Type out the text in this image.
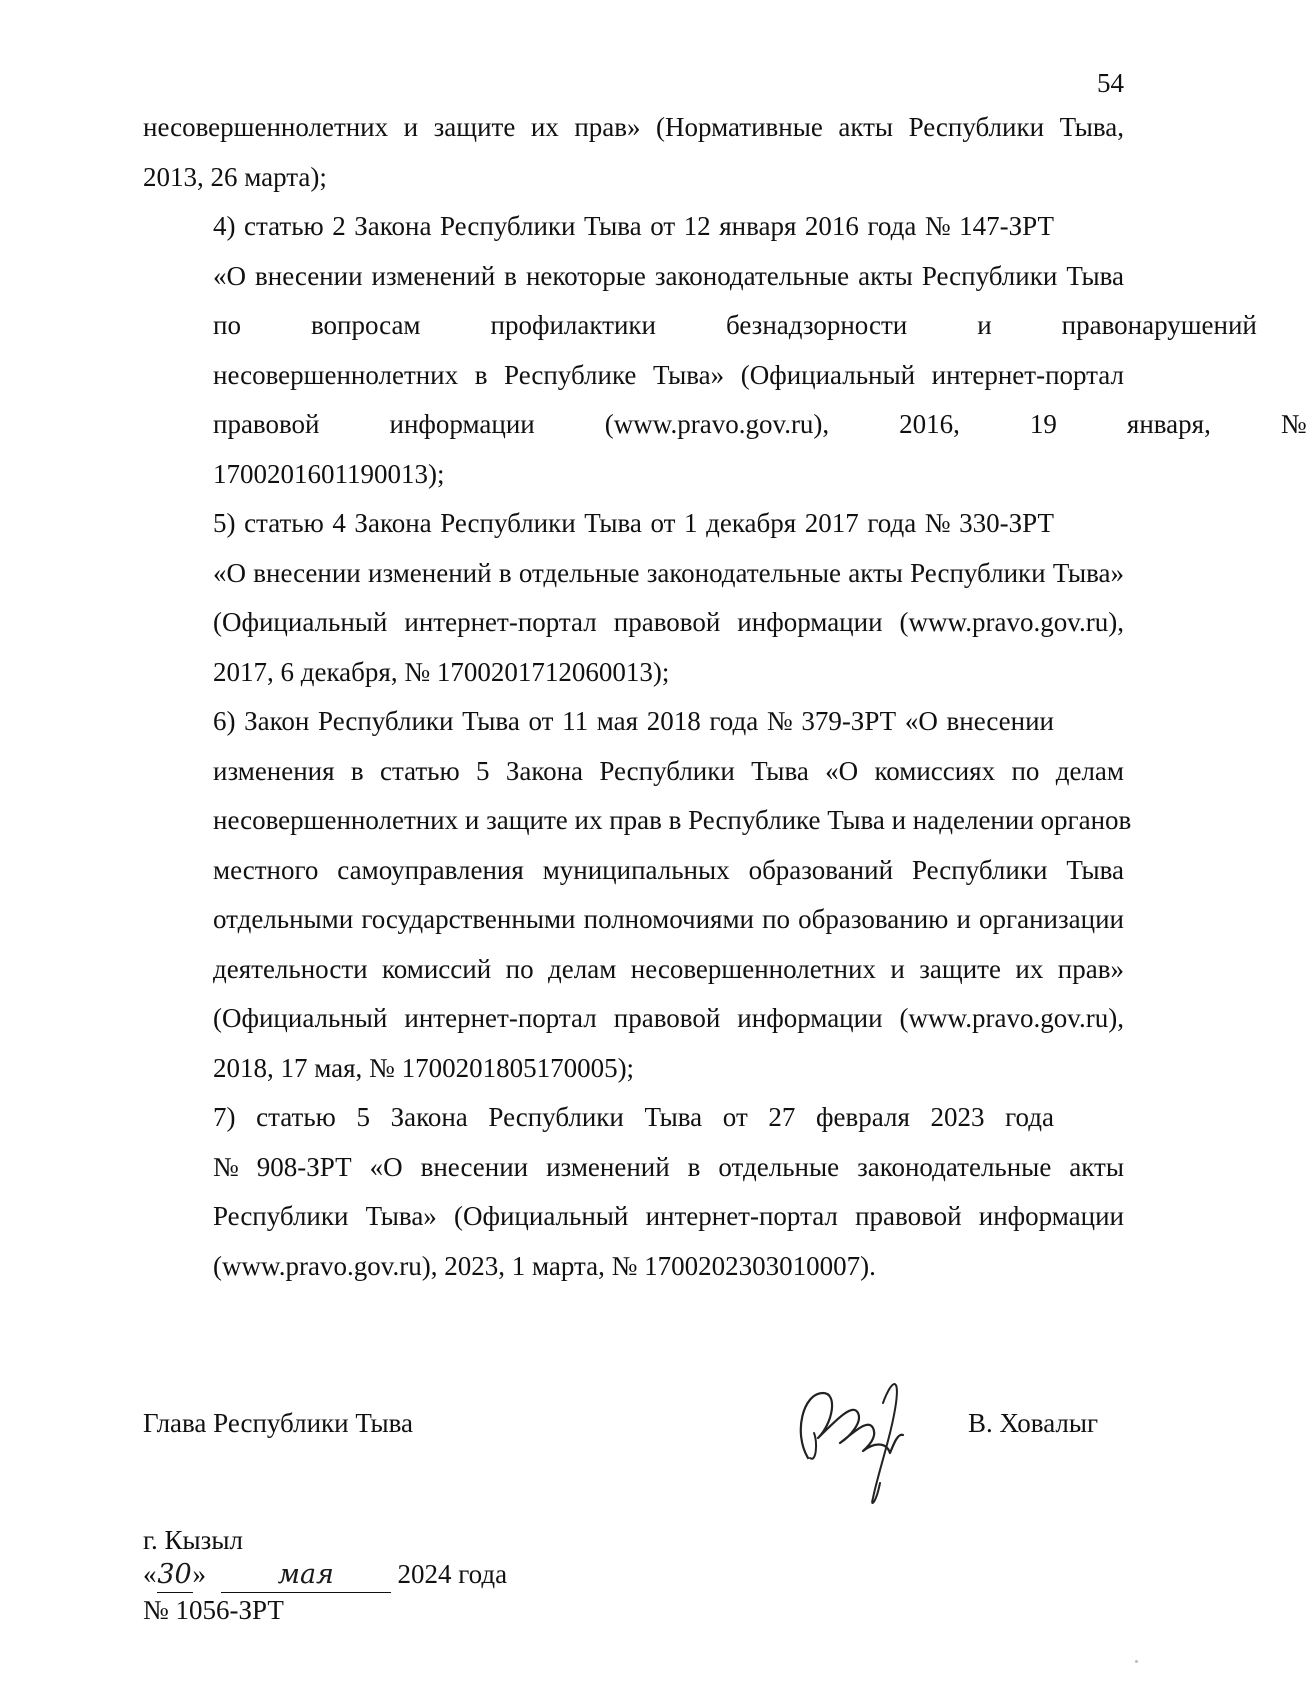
54
несовершеннолетних и защите их прав» (Нормативные акты Республики Тыва,
2013, 26 марта);
4) статью 2 Закона Республики Тыва от 12 января 2016 года № 147-ЗРТ
«О внесении изменений в некоторые законодательные акты Республики Тыва
по	вопросам	профилактики	безнадзорности	и	правонарушений
несовершеннолетних в Республике Тыва» (Официальный интернет-портал
правовой	информации	(www.pravo.gov.ru),	2016,	19	января,	№
1700201601190013);
5) статью 4 Закона Республики Тыва от 1 декабря 2017 года № 330-ЗРТ
«О внесении изменений в отдельные законодательные акты Республики Тыва»
(Официальный интернет-портал правовой информации (www.pravo.gov.ru),
2017, 6 декабря, № 1700201712060013);
6) Закон Республики Тыва от 11 мая 2018 года № 379-ЗРТ «О внесении
изменения в статью 5 Закона Республики Тыва «О комиссиях по делам
несовершеннолетних и защите их прав в Республике Тыва и наделении органов
местного самоуправления муниципальных образований Республики Тыва
отдельными государственными полномочиями по образованию и организации
деятельности комиссий по делам несовершеннолетних и защите их прав»
(Официальный интернет-портал правовой информации (www.pravo.gov.ru),
2018, 17 мая, № 1700201805170005);
7) статью 5 Закона Республики Тыва от 27 февраля 2023 года
№ 908-ЗРТ «О внесении изменений в отдельные законодательные акты
Республики Тыва» (Официальный интернет-портал правовой информации
(www.pravo.gov.ru), 2023, 1 марта, № 1700202303010007).
Глава Республики Тыва	В. Ховалыг
г. Кызыл
«30»	мая 2024 года
№ 1056-ЗРТ
